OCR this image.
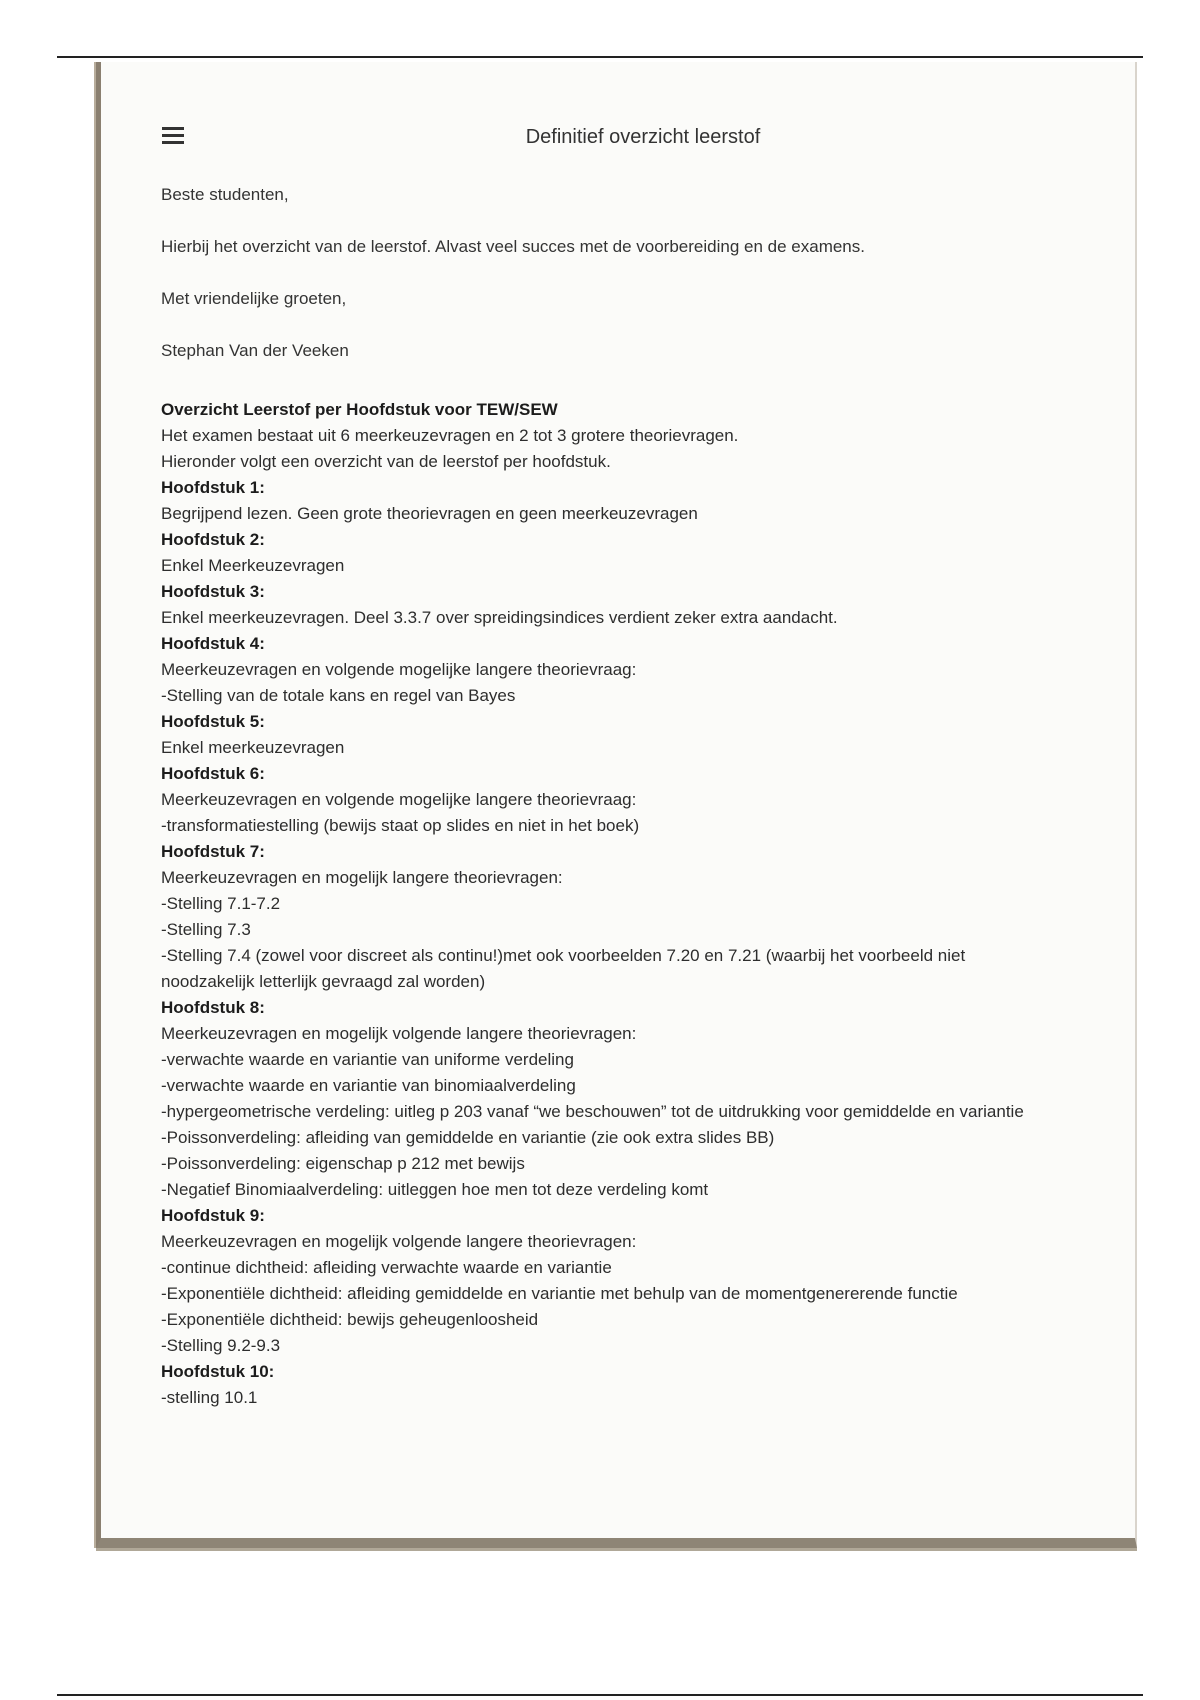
Definitief overzicht leerstof

Beste studenten,

Hierbij het overzicht van de leerstof. Alvast veel succes met de voorbereiding en de examens.

Met vriendelijke groeten,

Stephan Van der Veeken

Overzicht Leerstof per Hoofdstuk voor TEW/SEW
Het examen bestaat uit 6 meerkeuzevragen en 2 tot 3 grotere theorievragen.
Hieronder volgt een overzicht van de leerstof per hoofdstuk.
Hoofdstuk 1:
Begrijpend lezen. Geen grote theorievragen en geen meerkeuzevragen
Hoofdstuk 2:
Enkel Meerkeuzevragen
Hoofdstuk 3:
Enkel meerkeuzevragen. Deel 3.3.7 over spreidingsindices verdient zeker extra aandacht.
Hoofdstuk 4:
Meerkeuzevragen en volgende mogelijke langere theorievraag:
-Stelling van de totale kans en regel van Bayes
Hoofdstuk 5:
Enkel meerkeuzevragen
Hoofdstuk 6:
Meerkeuzevragen en volgende mogelijke langere theorievraag:
-transformatiestelling (bewijs staat op slides en niet in het boek)
Hoofdstuk 7:
Meerkeuzevragen en mogelijk langere theorievragen:
-Stelling 7.1-7.2
-Stelling 7.3
-Stelling 7.4 (zowel voor discreet als continu!)met ook voorbeelden 7.20 en 7.21 (waarbij het voorbeeld niet noodzakelijk letterlijk gevraagd zal worden)
Hoofdstuk 8:
Meerkeuzevragen en mogelijk volgende langere theorievragen:
-verwachte waarde en variantie van uniforme verdeling
-verwachte waarde en variantie van binomiaalverdeling
-hypergeometrische verdeling: uitleg p 203 vanaf “we beschouwen” tot de uitdrukking voor gemiddelde en variantie
-Poissonverdeling: afleiding van gemiddelde en variantie (zie ook extra slides BB)
-Poissonverdeling: eigenschap p 212 met bewijs
-Negatief Binomiaalverdeling: uitleggen hoe men tot deze verdeling komt
Hoofdstuk 9:
Meerkeuzevragen en mogelijk volgende langere theorievragen:
-continue dichtheid: afleiding verwachte waarde en variantie
-Exponentiële dichtheid: afleiding gemiddelde en variantie met behulp van de momentgenererende functie
-Exponentiële dichtheid: bewijs geheugenloosheid
-Stelling 9.2-9.3
Hoofdstuk 10:
-stelling 10.1
